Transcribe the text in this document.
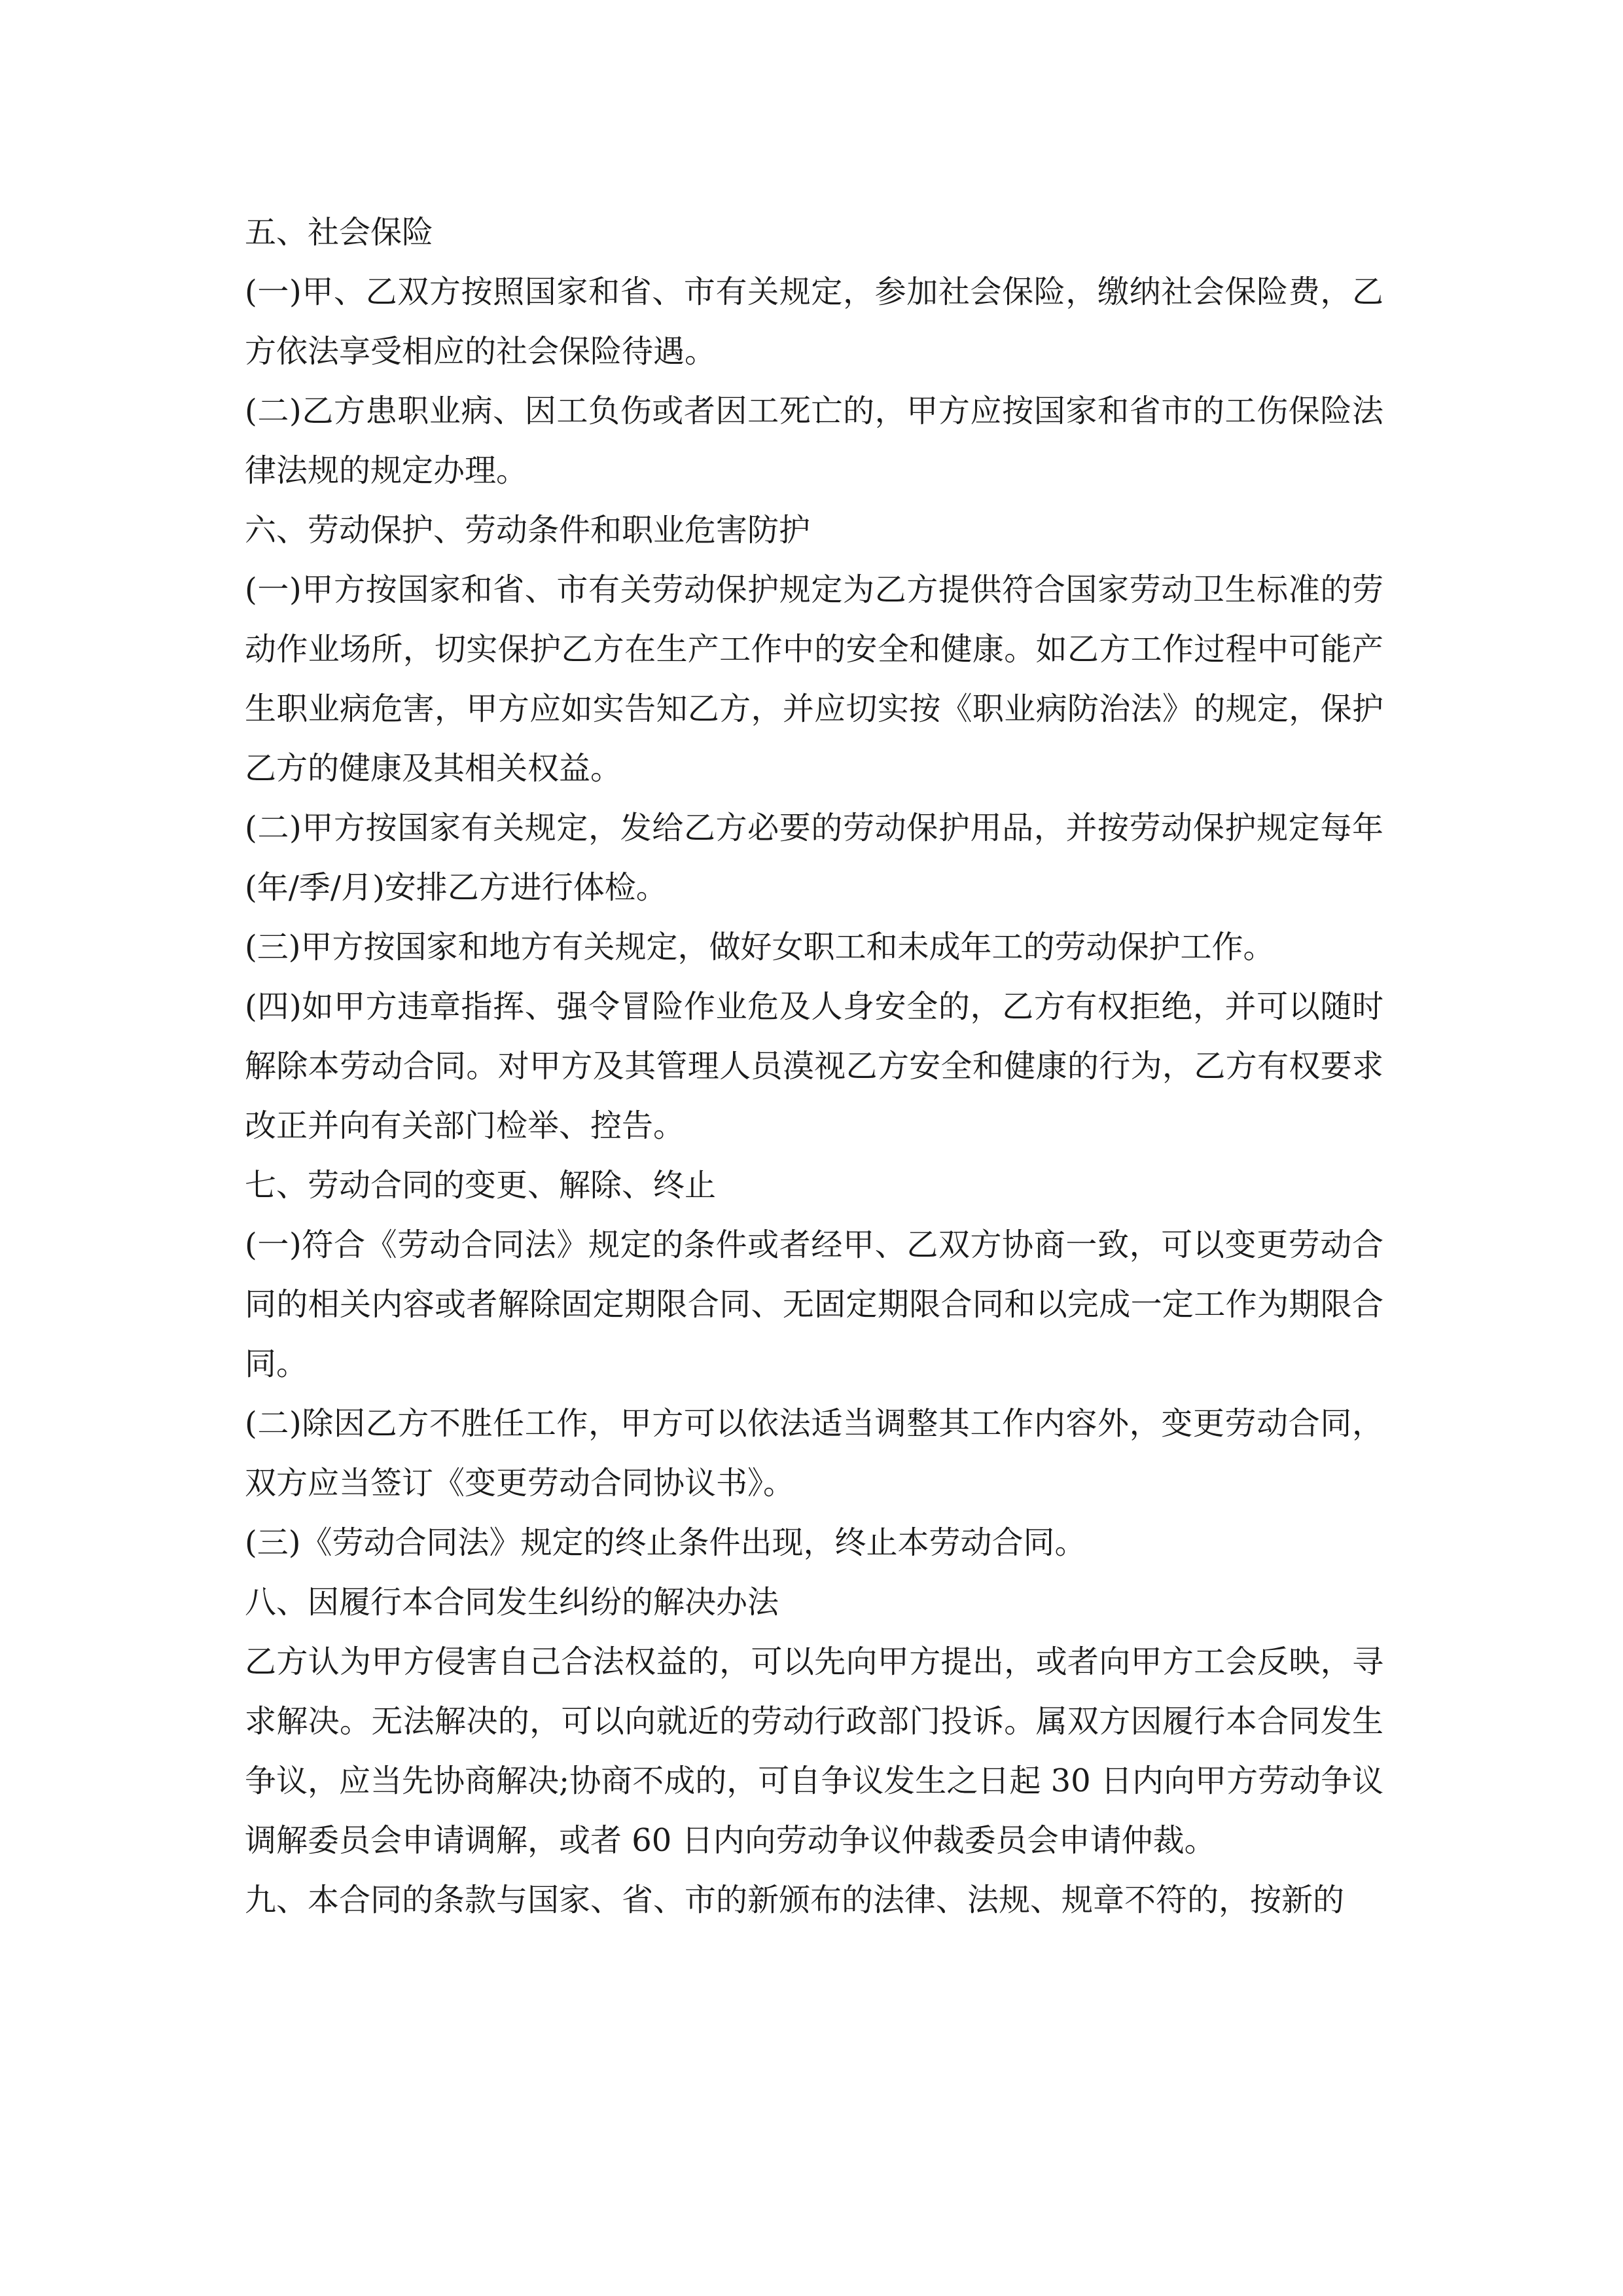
五、社会保险

(一)甲、乙双方按照国家和省、市有关规定，参加社会保险，缴纳社会保险费，乙方依法享受相应的社会保险待遇。

(二)乙方患职业病、因工负伤或者因工死亡的，甲方应按国家和省市的工伤保险法律法规的规定办理。

六、劳动保护、劳动条件和职业危害防护

(一)甲方按国家和省、市有关劳动保护规定为乙方提供符合国家劳动卫生标准的劳动作业场所，切实保护乙方在生产工作中的安全和健康。如乙方工作过程中可能产生职业病危害，甲方应如实告知乙方，并应切实按《职业病防治法》的规定，保护乙方的健康及其相关权益。

(二)甲方按国家有关规定，发给乙方必要的劳动保护用品，并按劳动保护规定每年(年/季/月)安排乙方进行体检。

(三)甲方按国家和地方有关规定，做好女职工和未成年工的劳动保护工作。

(四)如甲方违章指挥、强令冒险作业危及人身安全的，乙方有权拒绝，并可以随时解除本劳动合同。对甲方及其管理人员漠视乙方安全和健康的行为，乙方有权要求改正并向有关部门检举、控告。

七、劳动合同的变更、解除、终止

(一)符合《劳动合同法》规定的条件或者经甲、乙双方协商一致，可以变更劳动合同的相关内容或者解除固定期限合同、无固定期限合同和以完成一定工作为期限合同。

(二)除因乙方不胜任工作，甲方可以依法适当调整其工作内容外，变更劳动合同，双方应当签订《变更劳动合同协议书》。

(三)《劳动合同法》规定的终止条件出现，终止本劳动合同。

八、因履行本合同发生纠纷的解决办法

乙方认为甲方侵害自己合法权益的，可以先向甲方提出，或者向甲方工会反映，寻求解决。无法解决的，可以向就近的劳动行政部门投诉。属双方因履行本合同发生争议，应当先协商解决;协商不成的，可自争议发生之日起 30 日内向甲方劳动争议调解委员会申请调解，或者 60 日内向劳动争议仲裁委员会申请仲裁。

九、本合同的条款与国家、省、市的新颁布的法律、法规、规章不符的，按新的
